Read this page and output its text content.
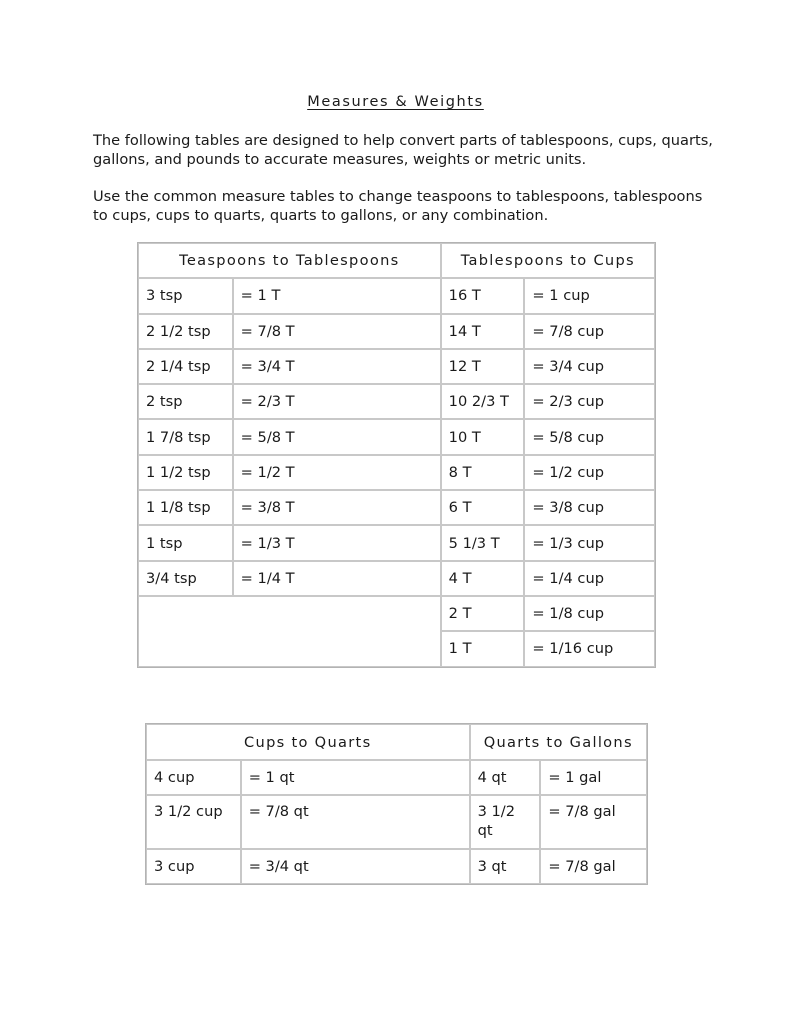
Measures & Weights

The following tables are designed to help convert parts of tablespoons, cups, quarts, gallons, and pounds to accurate measures, weights or metric units.

Use the common measure tables to change teaspoons to tablespoons, tablespoons to cups, cups to quarts, quarts to gallons, or any combination.

Teaspoons to Tablespoons		Tablespoons to Cups	
3 tsp	= 1 T	16 T	= 1 cup
2 1/2 tsp	= 7/8 T	14 T	= 7/8 cup
2 1/4 tsp	= 3/4 T	12 T	= 3/4 cup
2 tsp	= 2/3 T	10 2/3 T	= 2/3 cup
1 7/8 tsp	= 5/8 T	10 T	= 5/8 cup
1 1/2 tsp	= 1/2 T	8 T	= 1/2 cup
1 1/8 tsp	= 3/8 T	6 T	= 3/8 cup
1 tsp	= 1/3 T	5 1/3 T	= 1/3 cup
3/4 tsp	= 1/4 T	4 T	= 1/4 cup
		2 T	= 1/8 cup
		1 T	= 1/16 cup
Cups to Quarts		Quarts to Gallons	
4 cup	= 1 qt	4 qt	= 1 gal
3 1/2 cup	= 7/8 qt	3 1/2 qt	= 7/8 gal
3 cup	= 3/4 qt	3 qt	= 7/8 gal
